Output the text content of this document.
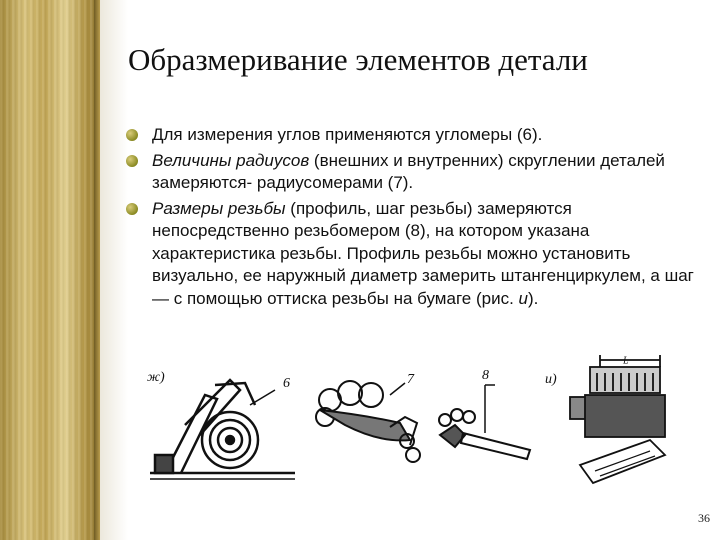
Образмеривание элементов детали
Для измерения углов применяются угломеры (6).
Величины радиусов (внешних и внутренних) скруглении деталей замеряются- радиусомерами (7).
Размеры резьбы (профиль, шаг резьбы) замеряются непосредственно резьбомером (8), на котором указана характеристика резьбы. Профиль резьбы можно установить визуально, ее наружный диаметр замерить штангенциркулем, а шаг — с помощью оттиска резьбы на бумаге (рис. и).
ж)	6	7	8	и)
L
36
